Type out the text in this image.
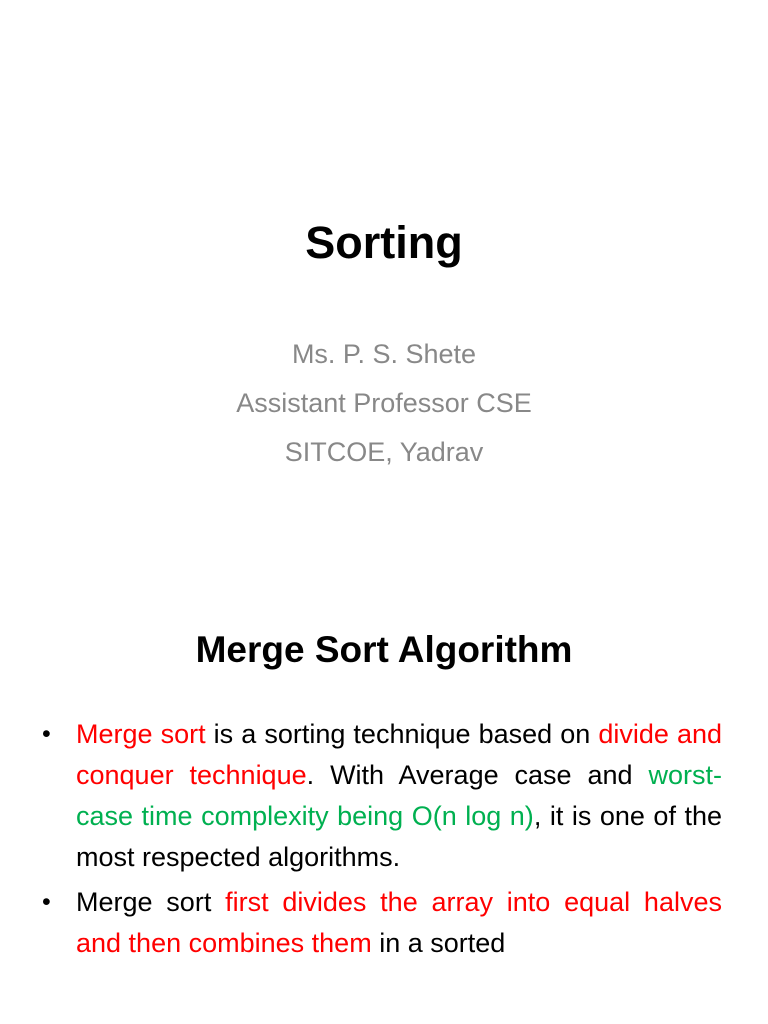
Sorting
Ms. P. S. Shete
Assistant Professor CSE
SITCOE, Yadrav
Merge Sort Algorithm
• Merge sort is a sorting technique based on divide and conquer technique. With Average case and worst-case time complexity being O(n log n), it is one of the most respected algorithms.
• Merge sort first divides the array into equal halves and then combines them in a sorted
